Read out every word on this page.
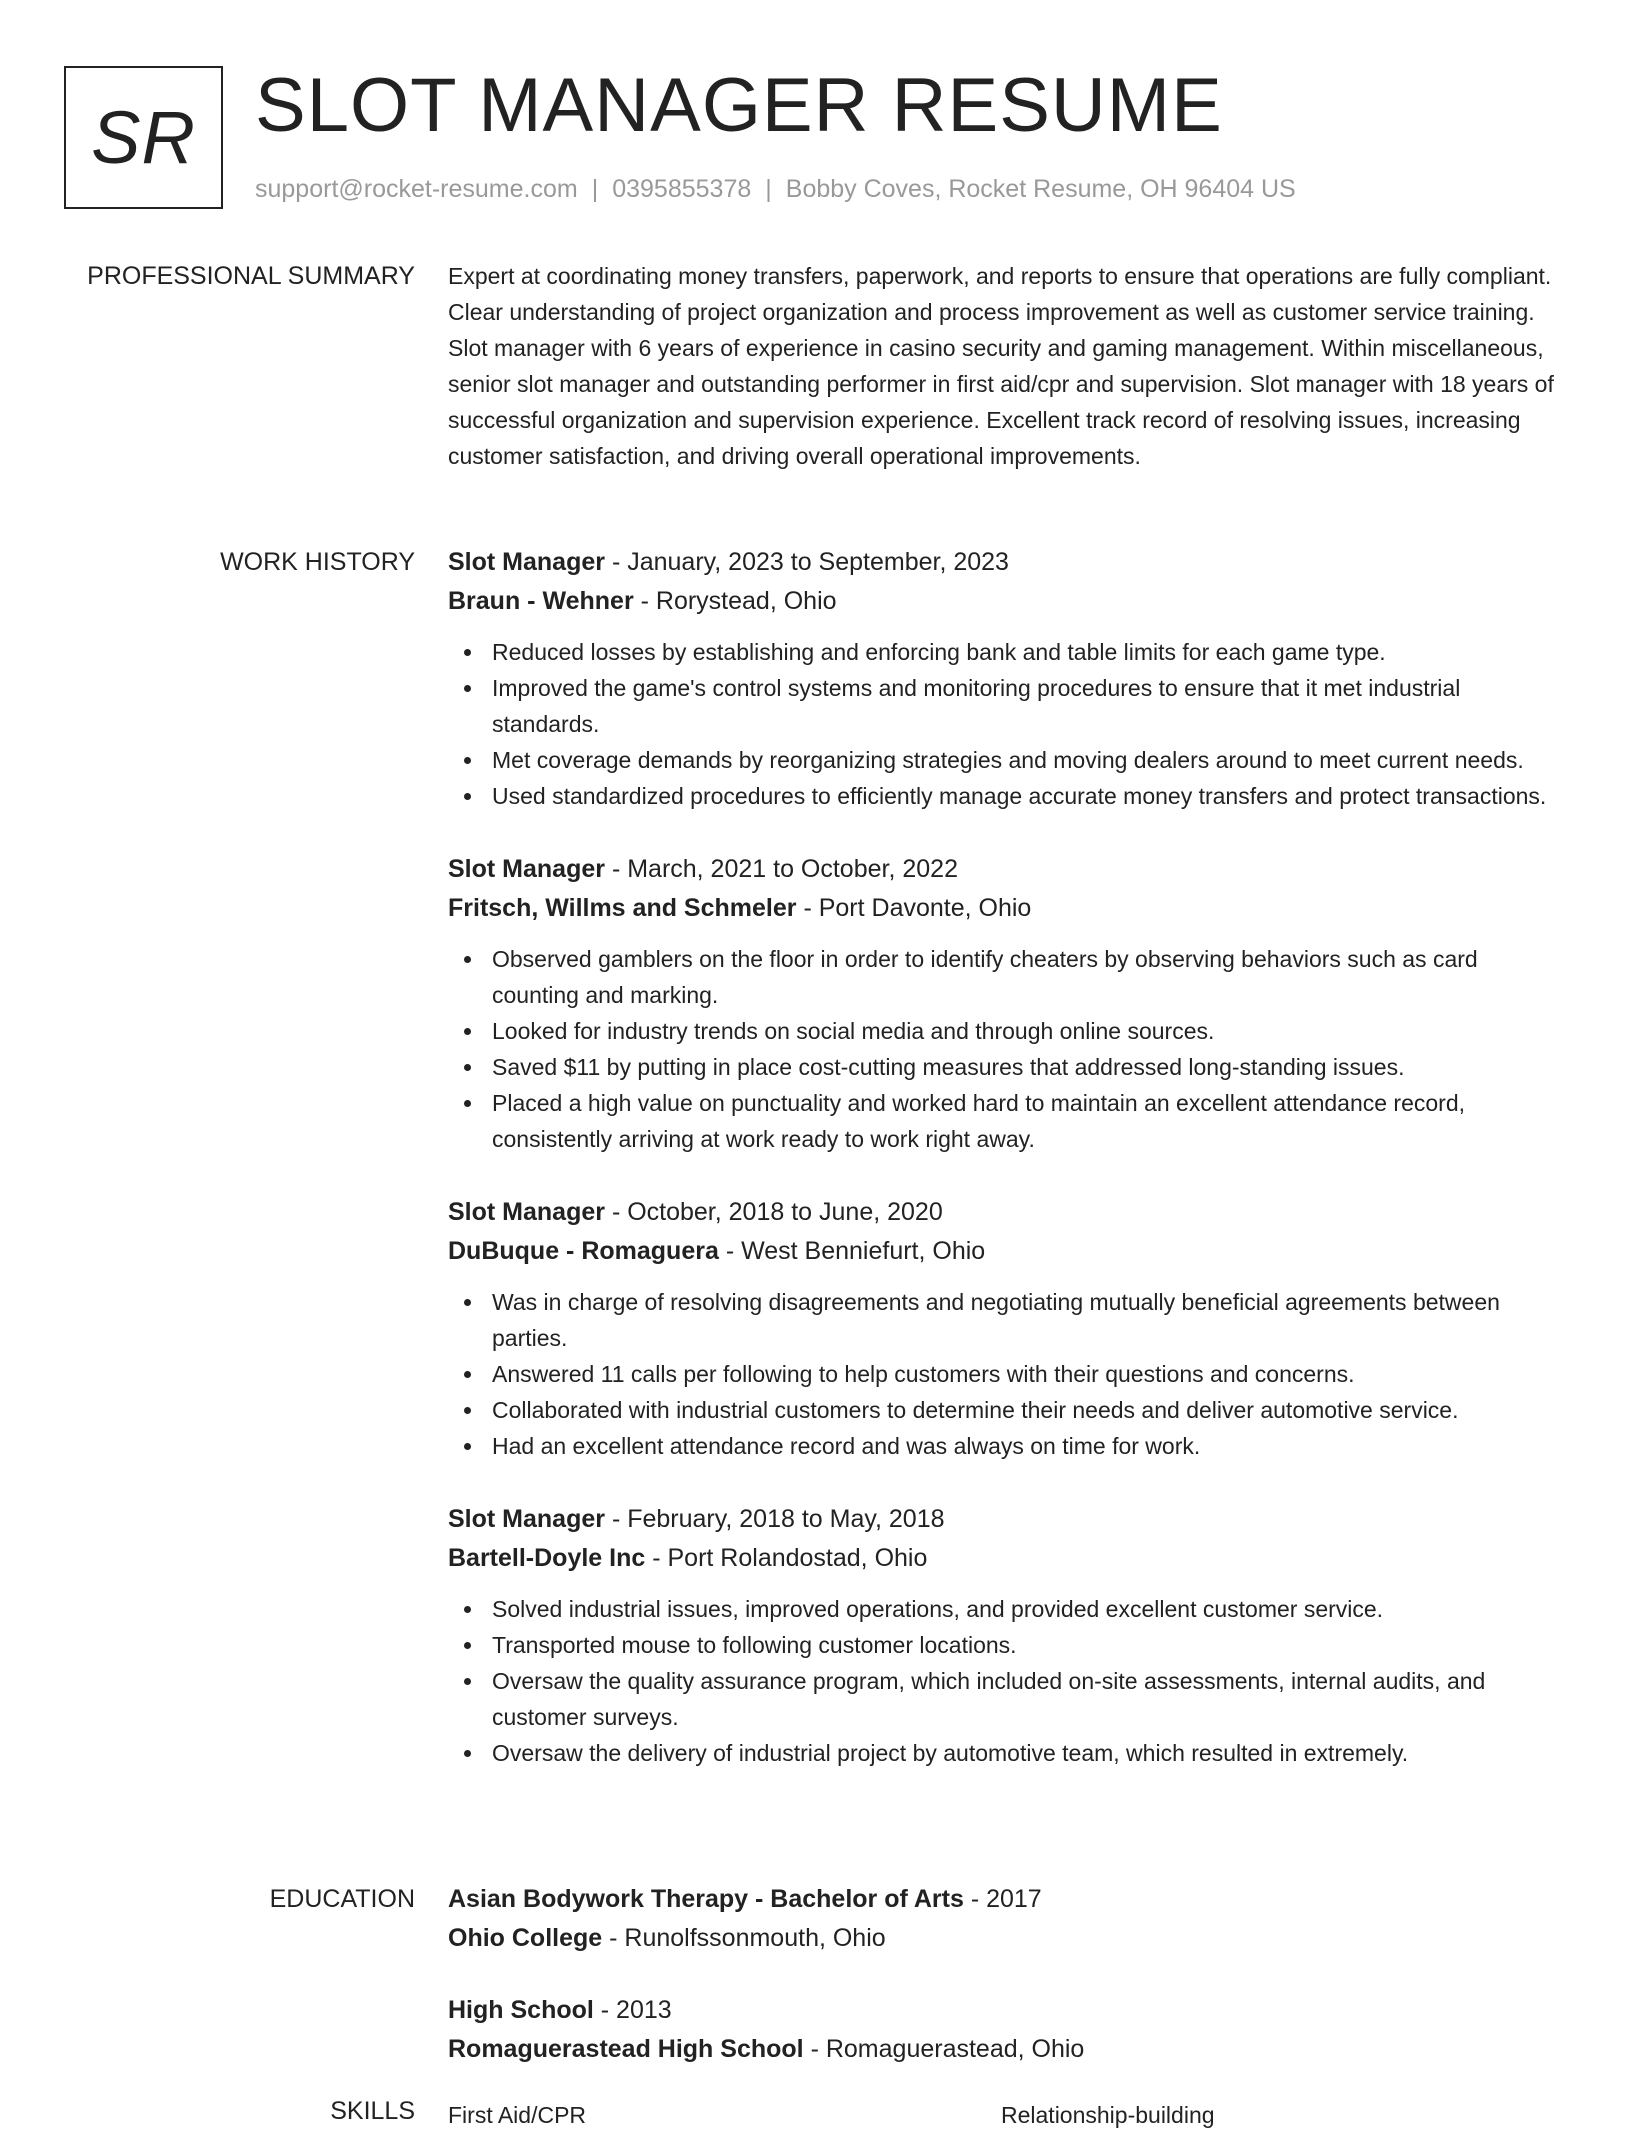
SR SLOT MANAGER RESUME
support@rocket-resume.com | 0395855378 | Bobby Coves, Rocket Resume, OH 96404 US
PROFESSIONAL SUMMARY Expert at coordinating money transfers, paperwork, and reports to ensure that operations are fully compliant. Clear understanding of project organization and process improvement as well as customer service training. Slot manager with 6 years of experience in casino security and gaming management. Within miscellaneous, senior slot manager and outstanding performer in first aid/cpr and supervision. Slot manager with 18 years of successful organization and supervision experience. Excellent track record of resolving issues, increasing customer satisfaction, and driving overall operational improvements.

WORK HISTORY Slot Manager - January, 2023 to September, 2023
Braun - Wehner - Rorystead, Ohio
Reduced losses by establishing and enforcing bank and table limits for each game type.
Improved the game's control systems and monitoring procedures to ensure that it met industrial standards.
Met coverage demands by reorganizing strategies and moving dealers around to meet current needs.
Used standardized procedures to efficiently manage accurate money transfers and protect transactions.
Slot Manager - March, 2021 to October, 2022
Fritsch, Willms and Schmeler - Port Davonte, Ohio
Observed gamblers on the floor in order to identify cheaters by observing behaviors such as card counting and marking.
Looked for industry trends on social media and through online sources.
Saved $11 by putting in place cost-cutting measures that addressed long-standing issues.
Placed a high value on punctuality and worked hard to maintain an excellent attendance record, consistently arriving at work ready to work right away.
Slot Manager - October, 2018 to June, 2020
DuBuque - Romaguera - West Benniefurt, Ohio
Was in charge of resolving disagreements and negotiating mutually beneficial agreements between parties.
Answered 11 calls per following to help customers with their questions and concerns.
Collaborated with industrial customers to determine their needs and deliver automotive service.
Had an excellent attendance record and was always on time for work.
Slot Manager - February, 2018 to May, 2018
Bartell-Doyle Inc - Port Rolandostad, Ohio
Solved industrial issues, improved operations, and provided excellent customer service.
Transported mouse to following customer locations.
Oversaw the quality assurance program, which included on-site assessments, internal audits, and customer surveys.
Oversaw the delivery of industrial project by automotive team, which resulted in extremely.
EDUCATION Asian Bodywork Therapy - Bachelor of Arts - 2017
Ohio College - Runolfssonmouth, Ohio
High School - 2013
Romaguerastead High School - Romaguerastead, Ohio
SKILLS First Aid/CPR	Relationship-building
